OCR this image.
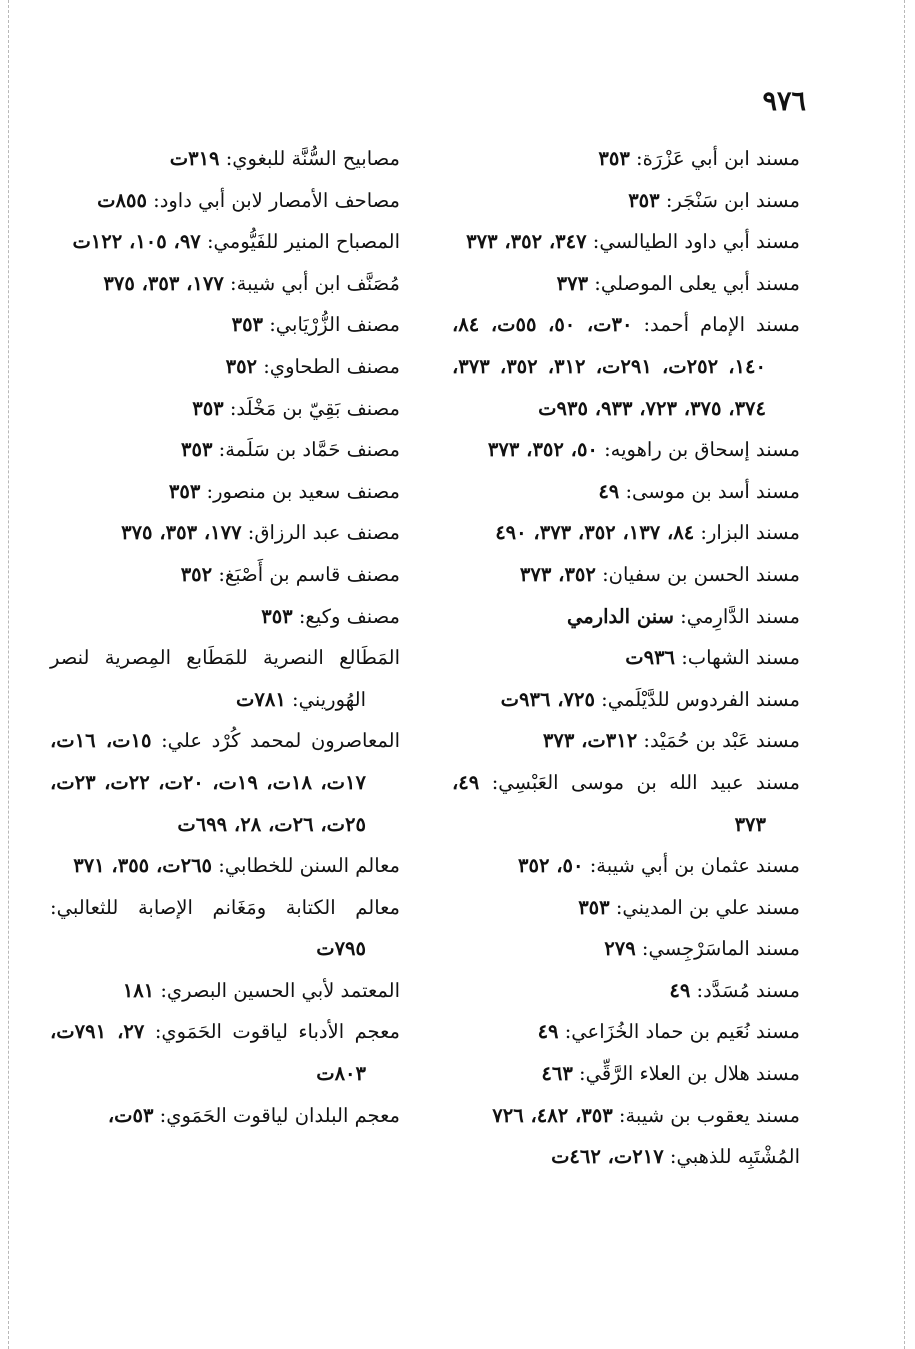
٩٧٦

مسند ابن أبي عَزْرَة: ٣٥٣

مسند ابن سَنْجَر: ٣٥٣

مسند أبي داود الطيالسي: ٣٤٧، ٣٥٢، ٣٧٣

مسند أبي يعلى الموصلي: ٣٧٣

مسند الإمام أحمد: ٣٠ت، ٥٠، ٥٥ت، ٨٤، ١٤٠، ٢٥٢ت، ٢٩١ت، ٣١٢، ٣٥٢، ٣٧٣، ٣٧٤، ٣٧٥، ٧٢٣، ٩٣٣، ٩٣٥ت

مسند إسحاق بن راهويه: ٥٠، ٣٥٢، ٣٧٣

مسند أسد بن موسى: ٤٩

مسند البزار: ٨٤، ١٣٧، ٣٥٢، ٣٧٣، ٤٩٠

مسند الحسن بن سفيان: ٣٥٢، ٣٧٣

مسند الدَّارِمي: سنن الدارمي

مسند الشهاب: ٩٣٦ت

مسند الفردوس للدَّيْلَمي: ٧٢٥، ٩٣٦ت

مسند عَبْد بن حُمَيْد: ٣١٢ت، ٣٧٣

مسند عبيد الله بن موسى العَبْسِي: ٤٩، ٣٧٣

مسند عثمان بن أبي شيبة: ٥٠، ٣٥٢

مسند علي بن المديني: ٣٥٣

مسند الماسَرْجِسي: ٢٧٩

مسند مُسَدَّد: ٤٩

مسند نُعَيم بن حماد الخُزَاعي: ٤٩

مسند هلال بن العلاء الرَّقِّي: ٤٦٣

مسند يعقوب بن شيبة: ٣٥٣، ٤٨٢، ٧٢٦

المُشْتَبِه للذهبي: ٢١٧ت، ٤٦٢ت

مصابيح السُّنَّة للبغوي: ٣١٩ت

مصاحف الأمصار لابن أبي داود: ٨٥٥ت

المصباح المنير للفَيُّومي: ٩٧، ١٠٥، ١٢٢ت

مُصَنَّف ابن أبي شيبة: ١٧٧، ٣٥٣، ٣٧٥

مصنف الزُّرْيَابي: ٣٥٣

مصنف الطحاوي: ٣٥٢

مصنف بَقِيّ بن مَخْلَد: ٣٥٣

مصنف حَمَّاد بن سَلَمة: ٣٥٣

مصنف سعيد بن منصور: ٣٥٣

مصنف عبد الرزاق: ١٧٧، ٣٥٣، ٣٧٥

مصنف قاسم بن أَصْبَغ: ٣٥٢

مصنف وكيع: ٣٥٣

المَطَالع النصرية للمَطَابع المِصرية لنصر الهُوريني: ٧٨١ت

المعاصرون لمحمد كُرْد علي: ١٥ت، ١٦ت، ١٧ت، ١٨ت، ١٩ت، ٢٠ت، ٢٢ت، ٢٣ت، ٢٥ت، ٢٦ت، ٢٨، ٦٩٩ت

معالم السنن للخطابي: ٢٦٥ت، ٣٥٥، ٣٧١

معالم الكتابة ومَغَانم الإصابة للثعالبي: ٧٩٥ت

المعتمد لأبي الحسين البصري: ١٨١

معجم الأدباء لياقوت الحَمَوي: ٢٧، ٧٩١ت، ٨٠٣ت

معجم البلدان لياقوت الحَمَوي: ٥٣ت،
